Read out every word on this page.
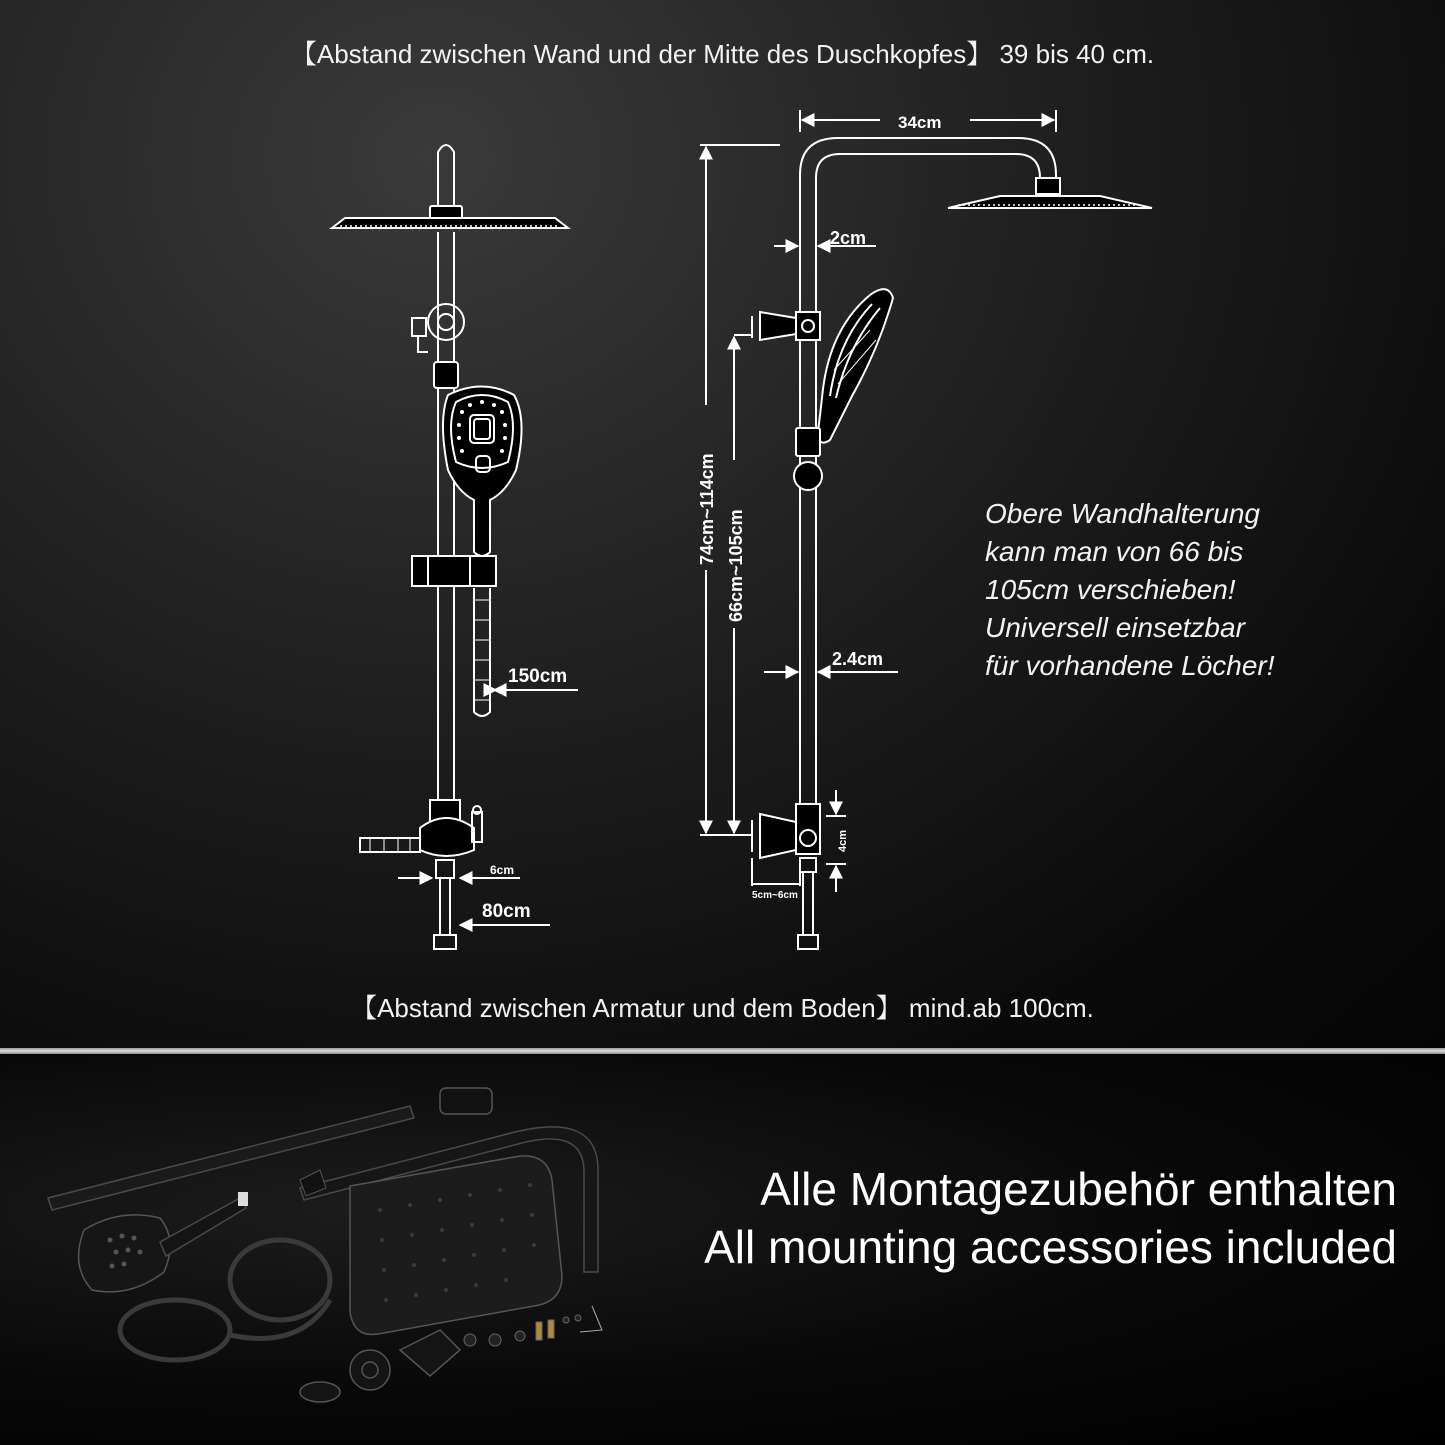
【Abstand zwischen Wand und der Mitte des Duschkopfes】 39 bis 40 cm.
【Abstand zwischen Armatur und dem Boden】 mind.ab 100cm.
150cm
6cm
80cm
34cm
2cm
2.4cm
74cm~114cm
66cm~105cm
4cm
5cm~6cm
Obere Wandhalterung
kann man von 66 bis
105cm verschieben!
Universell einsetzbar
für vorhandene Löcher!
Alle Montagezubehör enthalten
All mounting accessories included
